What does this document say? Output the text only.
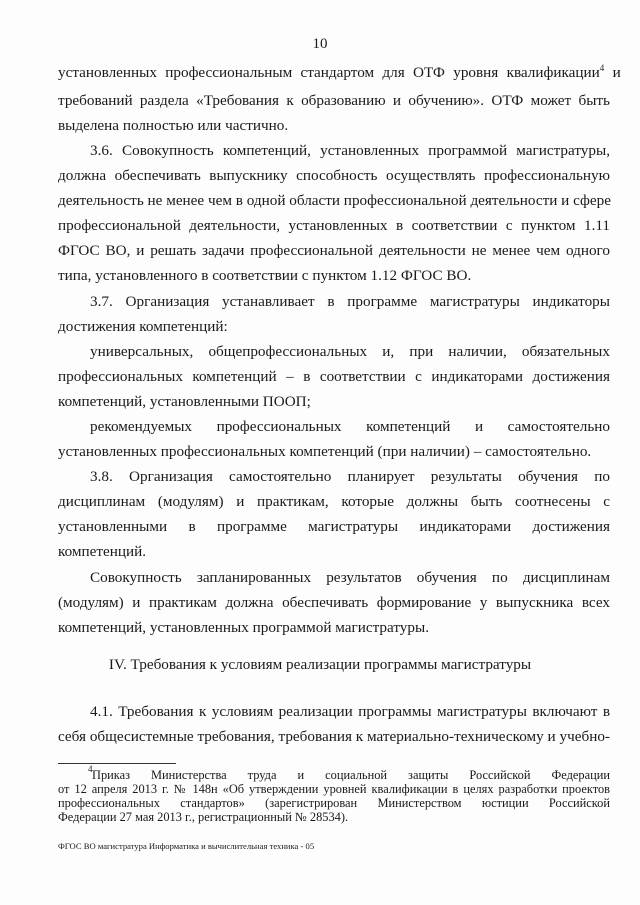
10
установленных профессиональным стандартом для ОТФ уровня квалификации$^4$ и
требований раздела «Требования к образованию и обучению». ОТФ может быть
выделена полностью или частично.
3.6. Совокупность компетенций, установленных программой магистратуры,
должна обеспечивать выпускнику способность осуществлять профессиональную
деятельность не менее чем в одной области профессиональной деятельности и сфере
профессиональной деятельности, установленных в соответствии с пунктом 1.11
ФГОС ВО, и решать задачи профессиональной деятельности не менее чем одного
типа, установленного в соответствии с пунктом 1.12 ФГОС ВО.
3.7. Организация устанавливает в программе магистратуры индикаторы
достижения компетенций:
универсальных, общепрофессиональных и, при наличии, обязательных
профессиональных компетенций – в соответствии с индикаторами достижения
компетенций, установленными ПООП;
рекомендуемых профессиональных компетенций и самостоятельно
установленных профессиональных компетенций (при наличии) – самостоятельно.
3.8. Организация самостоятельно планирует результаты обучения по
дисциплинам (модулям) и практикам, которые должны быть соотнесены с
установленными в программе магистратуры индикаторами достижения
компетенций.
Совокупность запланированных результатов обучения по дисциплинам
(модулям) и практикам должна обеспечивать формирование у выпускника всех
компетенций, установленных программой магистратуры.
IV. Требования к условиям реализации программы магистратуры
4.1. Требования к условиям реализации программы магистратуры включают в
себя общесистемные требования, требования к материально-техническому и учебно-
Приказ Министерства труда и социальной защиты Российской Федерации
4
от 12 апреля 2013 г. № 148н «Об утверждении уровней квалификации в целях разработки проектов
профессиональных стандартов» (зарегистрирован Министерством юстиции Российской
Федерации 27 мая 2013 г., регистрационный № 28534).
ФГОС ВО магистратура Информатика и вычислительная техника - 05
